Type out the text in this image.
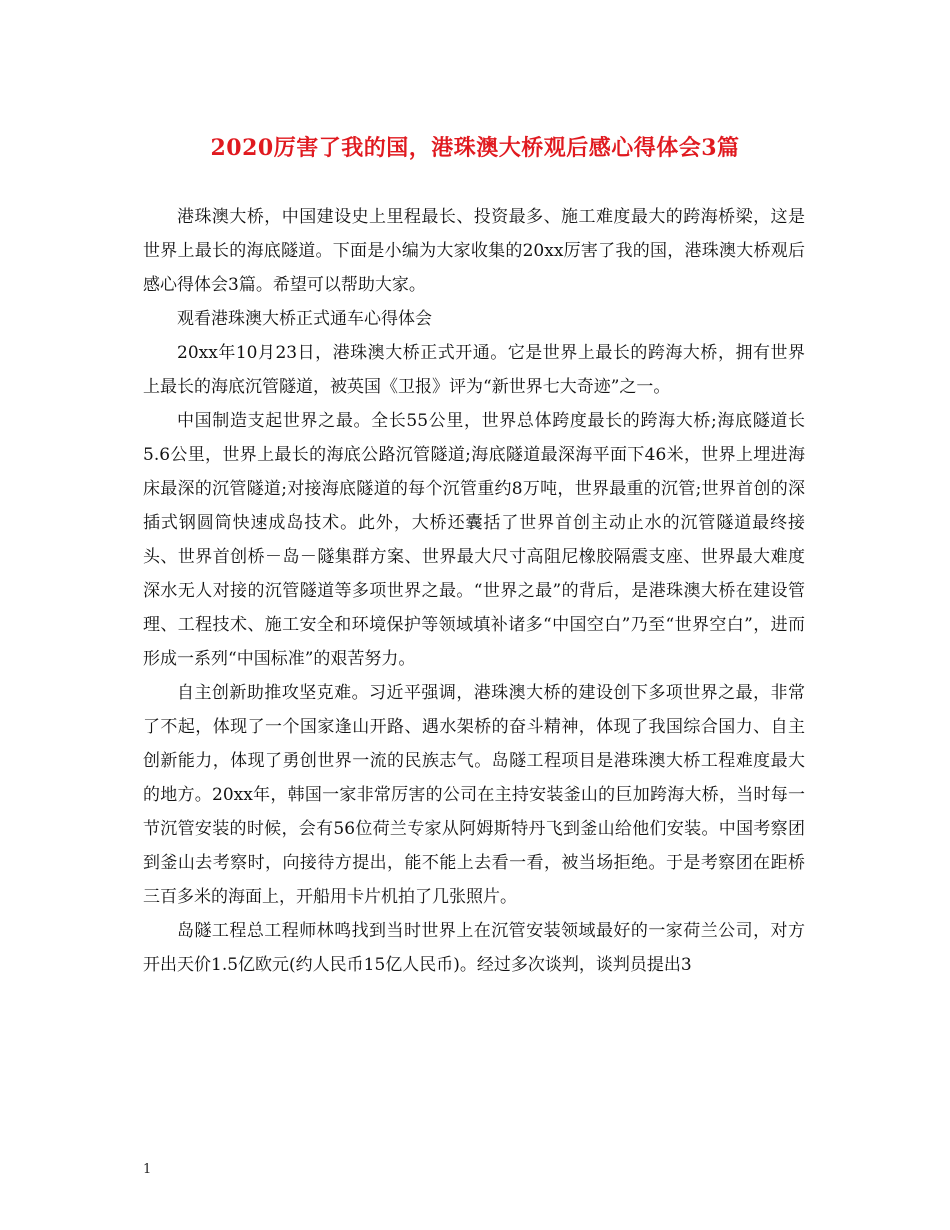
2020厉害了我的国，港珠澳大桥观后感心得体会3篇

港珠澳大桥，中国建设史上里程最长、投资最多、施工难度最大的跨海桥梁，这是世界上最长的海底隧道。下面是小编为大家收集的20xx厉害了我的国，港珠澳大桥观后感心得体会3篇。希望可以帮助大家。

观看港珠澳大桥正式通车心得体会

20xx年10月23日，港珠澳大桥正式开通。它是世界上最长的跨海大桥，拥有世界上最长的海底沉管隧道，被英国《卫报》评为“新世界七大奇迹”之一。

中国制造支起世界之最。全长55公里，世界总体跨度最长的跨海大桥;海底隧道长5.6公里，世界上最长的海底公路沉管隧道;海底隧道最深海平面下46米，世界上埋进海床最深的沉管隧道;对接海底隧道的每个沉管重约8万吨，世界最重的沉管;世界首创的深插式钢圆筒快速成岛技术。此外，大桥还囊括了世界首创主动止水的沉管隧道最终接头、世界首创桥－岛－隧集群方案、世界最大尺寸高阻尼橡胶隔震支座、世界最大难度深水无人对接的沉管隧道等多项世界之最。“世界之最”的背后，是港珠澳大桥在建设管理、工程技术、施工安全和环境保护等领域填补诸多“中国空白”乃至“世界空白”，进而形成一系列“中国标准”的艰苦努力。

自主创新助推攻坚克难。习近平强调，港珠澳大桥的建设创下多项世界之最，非常了不起，体现了一个国家逢山开路、遇水架桥的奋斗精神，体现了我国综合国力、自主创新能力，体现了勇创世界一流的民族志气。岛隧工程项目是港珠澳大桥工程难度最大的地方。20xx年，韩国一家非常厉害的公司在主持安装釜山的巨加跨海大桥，当时每一节沉管安装的时候，会有56位荷兰专家从阿姆斯特丹飞到釜山给他们安装。中国考察团到釜山去考察时，向接待方提出，能不能上去看一看，被当场拒绝。于是考察团在距桥三百多米的海面上，开船用卡片机拍了几张照片。

岛隧工程总工程师林鸣找到当时世界上在沉管安装领域最好的一家荷兰公司，对方开出天价1.5亿欧元(约人民币15亿人民币)。经过多次谈判，谈判员提出3

1
